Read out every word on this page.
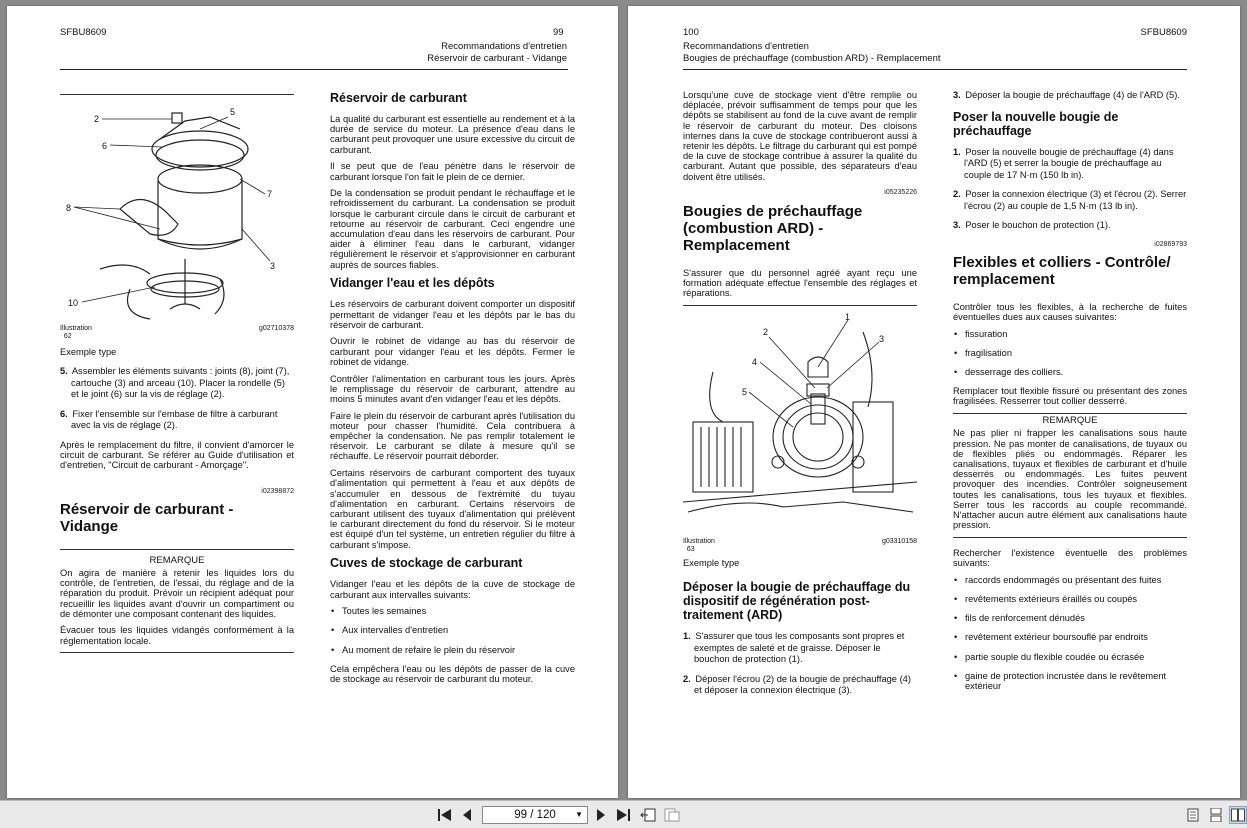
SFBU8609	99
Recommandations d'entretien
Réservoir de carburant - Vidange
2
5
6
7
8
3
10
Illustration
62
g02710378

Exemple type

5. Assembler les éléments suivants : joints (8), joint (7), cartouche (3) and arceau (10). Placer la rondelle (5) et le joint (6) sur la vis de réglage (2).
6. Fixer l'ensemble sur l'embase de filtre à carburant avec la vis de réglage (2).

Après le remplacement du filtre, il convient d'amorcer le circuit de carburant. Se référer au Guide d'utilisation et d'entretien, "Circuit de carburant - Amorçage".

i02398872
Réservoir de carburant - Vidange
REMARQUE

On agira de manière à retenir les liquides lors du contrôle, de l'entretien, de l'essai, du réglage and de la réparation du produit. Prévoir un récipient adéquat pour recueillir les liquides avant d'ouvrir un compartiment ou de démonter une composant contenant des liquides.

Évacuer tous les liquides vidangés conformément à la réglementation locale.

Réservoir de carburant

La qualité du carburant est essentielle au rendement et à la durée de service du moteur. La présence d'eau dans le carburant peut provoquer une usure excessive du circuit de carburant.

Il se peut que de l'eau pénètre dans le réservoir de carburant lorsque l'on fait le plein de ce dernier.

De la condensation se produit pendant le réchauffage et le refroidissement du carburant. La condensation se produit lorsque le carburant circule dans le circuit de carburant et retourne au réservoir de carburant. Ceci engendre une accumulation d'eau dans les réservoirs de carburant. Pour aider à éliminer l'eau dans le carburant, vidanger régulièrement le réservoir et s'approvisionner en carburant auprès de sources fiables.

Vidanger l'eau et les dépôts

Les réservoirs de carburant doivent comporter un dispositif permettant de vidanger l'eau et les dépôts par le bas du réservoir de carburant.

Ouvrir le robinet de vidange au bas du réservoir de carburant pour vidanger l'eau et les dépôts. Fermer le robinet de vidange.

Contrôler l'alimentation en carburant tous les jours. Après le remplissage du réservoir de carburant, attendre au moins 5 minutes avant d'en vidanger l'eau et les dépôts.

Faire le plein du réservoir de carburant après l'utilisation du moteur pour chasser l'humidité. Cela contribuera à empêcher la condensation. Ne pas remplir totalement le réservoir. Le carburant se dilate à mesure qu'il se réchauffe. Le réservoir pourrait déborder.

Certains réservoirs de carburant comportent des tuyaux d'alimentation qui permettent à l'eau et aux dépôts de s'accumuler en dessous de l'extrémité du tuyau d'alimentation en carburant. Certains réservoirs de carburant utilisent des tuyaux d'alimentation qui prélèvent le carburant directement du fond du réservoir. Si le moteur est équipé d'un tel système, un entretien régulier du filtre à carburant s'impose.

Cuves de stockage de carburant

Vidanger l'eau et les dépôts de la cuve de stockage de carburant aux intervalles suivants:

• Toutes les semaines
• Aux intervalles d'entretien
• Au moment de refaire le plein du réservoir

Cela empêchera l'eau ou les dépôts de passer de la cuve de stockage au réservoir de carburant du moteur.

100	SFBU8609
Recommandations d'entretien
Bougies de préchauffage (combustion ARD) - Remplacement

Lorsqu'une cuve de stockage vient d'être remplie ou déplacée, prévoir suffisamment de temps pour que les dépôts se stabilisent au fond de la cuve avant de remplir le réservoir de carburant du moteur. Des cloisons internes dans la cuve de stockage contribueront aussi à retenir les dépôts. Le filtrage du carburant qui est pompé de la cuve de stockage contribue à assurer la qualité du carburant. Autant que possible, des séparateurs d'eau doivent être utilisés.

i05235226
Bougies de préchauffage (combustion ARD) - Remplacement

S'assurer que du personnel agréé ayant reçu une formation adéquate effectue l'ensemble des réglages et réparations.

1
2
3
4
5
Illustration
63
g03310158

Exemple type

Déposer la bougie de préchauffage du dispositif de régénération post-traitement (ARD)
1. S'assurer que tous les composants sont propres et exemptes de saleté et de graisse. Déposer le bouchon de protection (1).
2. Déposer l'écrou (2) de la bougie de préchauffage (4) et déposer la connexion électrique (3).
3. Déposer la bougie de préchauffage (4) de l'ARD (5).
Poser la nouvelle bougie de préchauffage
1. Poser la nouvelle bougie de préchauffage (4) dans l'ARD (5) et serrer la bougie de préchauffage au couple de 17 N·m (150 lb in).
2. Poser la connexion électrique (3) et l'écrou (2). Serrer l'écrou (2) au couple de 1,5 N·m (13 lb in).
3. Poser le bouchon de protection (1).
i02869793
Flexibles et colliers - Contrôle/ remplacement

Contrôler tous les flexibles, à la recherche de fuites éventuelles dues aux causes suivantes:

• fissuration
• fragilisation
• desserrage des colliers.

Remplacer tout flexible fissuré ou présentant des zones fragilisées. Resserrer tout collier desserré.

REMARQUE

Ne pas plier ni frapper les canalisations sous haute pression. Ne pas monter de canalisations, de tuyaux ou de flexibles pliés ou endommagés. Réparer les canalisations, tuyaux et flexibles de carburant et d'huile desserrés ou endommagés. Les fuites peuvent provoquer des incendies. Contrôler soigneusement toutes les canalisations, tous les tuyaux et flexibles. Serrer tous les raccords au couple recommandé. N'attacher aucun autre élément aux canalisations haute pression.

Rechercher l'existence éventuelle des problèmes suivants:

• raccords endommagés ou présentant des fuites
• revêtements extérieurs éraillés ou coupés
• fils de renforcement dénudés
• revêtement extérieur boursouflé par endroits
• partie souple du flexible coudée ou écrasée
• gaine de protection incrustée dans le revêtement extérieur
99 / 120 ▼
